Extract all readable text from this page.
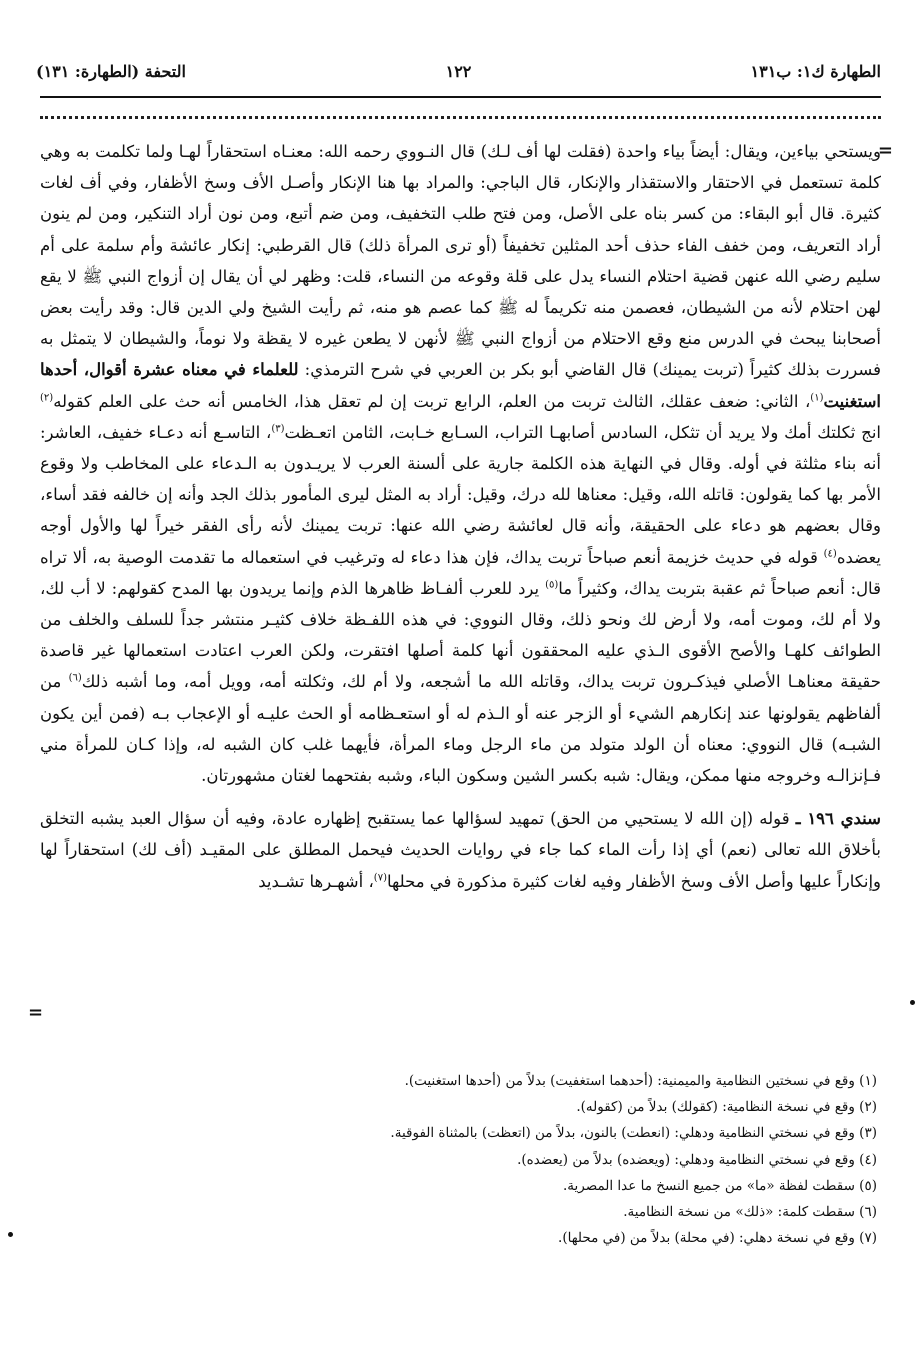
الطهارة ك١: ب١٣١
١٢٢
التحفة (الطهارة: ١٣١)
=
=

ويستحي بياءين، ويقال: أيضاً بياء واحدة (فقلت لها أف لـك) قال النـووي رحمه الله: معنـاه استحقاراً لهـا ولما تكلمت به وهي كلمة تستعمل في الاحتقار والاستقذار والإنكار، قال الباجي: والمراد بها هنا الإنكار وأصـل الأف وسخ الأظفار، وفي أف لغات كثيرة. قال أبو البقاء: من كسر بناه على الأصل، ومن فتح طلب التخفيف، ومن ضم أتبع، ومن نون أراد التنكير، ومن لم ينون أراد التعريف، ومن خفف الفاء حذف أحد المثلين تخفيفاً (أو ترى المرأة ذلك) قال القرطبي: إنكار عائشة وأم سلمة على أم سليم رضي الله عنهن قضية احتلام النساء يدل على قلة وقوعه من النساء، قلت: وظهر لي أن يقال إن أزواج النبي ﷺ لا يقع لهن احتلام لأنه من الشيطان، فعصمن منه تكريماً له ﷺ كما عصم هو منه، ثم رأيت الشيخ ولي الدين قال: وقد رأيت بعض أصحابنا يبحث في الدرس منع وقع الاحتلام من أزواج النبي ﷺ لأنهن لا يطعن غيره لا يقظة ولا نوماً، والشيطان لا يتمثل به فسررت بذلك كثيراً (تربت يمينك) قال القاضي أبو بكر بن العربي في شرح الترمذي: للعلماء في معناه عشرة أقوال، أحدها استغنيت$^{(١)}$، الثاني: ضعف عقلك، الثالث تربت من العلم، الرابع تربت إن لم تعقل هذا، الخامس أنه حث على العلم كقوله$^{(٢)}$ انج ثكلتك أمك ولا يريد أن تثكل، السادس أصابهـا التراب، السـابع خـابت، الثامن اتعـظت$^{(٣)}$، التاسـع أنه دعـاء خفيف، العاشر: أنه بناء مثلثة في أوله. وقال في النهاية هذه الكلمة جارية على ألسنة العرب لا يريـدون به الـدعاء على المخاطب ولا وقوع الأمر بها كما يقولون: قاتله الله، وقيل: معناها لله درك، وقيل: أراد به المثل ليرى المأمور بذلك الجد وأنه إن خالفه فقد أساء، وقال بعضهم هو دعاء على الحقيقة، وأنه قال لعائشة رضي الله عنها: تربت يمينك لأنه رأى الفقر خيراً لها والأول أوجه يعضده$^{(٤)}$ قوله في حديث خزيمة أنعم صباحاً تربت يداك، فإن هذا دعاء له وترغيب في استعماله ما تقدمت الوصية به، ألا تراه قال: أنعم صباحاً ثم عقبة بتربت يداك، وكثيراً ما$^{(٥)}$ يرد للعرب ألفـاظ ظاهرها الذم وإنما يريدون بها المدح كقولهم: لا أب لك، ولا أم لك، وموت أمه، ولا أرض لك ونحو ذلك، وقال النووي: في هذه اللفـظة خلاف كثيـر منتشر جداً للسلف والخلف من الطوائف كلهـا والأصح الأقوى الـذي عليه المحققون أنها كلمة أصلها افتقرت، ولكن العرب اعتادت استعمالها غير قاصدة حقيقة معناهـا الأصلي فيذكـرون تربت يداك، وقاتله الله ما أشجعه، ولا أم لك، وثكلته أمه، وويل أمه، وما أشبه ذلك$^{(٦)}$ من ألفاظهم يقولونها عند إنكارهم الشيء أو الزجر عنه أو الـذم له أو استعـظامه أو الحث عليـه أو الإعجاب بـه (فمن أين يكون الشبـه) قال النووي: معناه أن الولد متولد من ماء الرجل وماء المرأة، فأيهما غلب كان الشبه له، وإذا كـان للمرأة مني فـإنزالـه وخروجه منها ممكن، ويقال: شبه بكسر الشين وسكون الباء، وشبه بفتحهما لغتان مشهورتان.

سندي ١٩٦ ـ قوله (إن الله لا يستحيي من الحق) تمهيد لسؤالها عما يستقبح إظهاره عادة، وفيه أن سؤال العبد يشبه التخلق بأخلاق الله تعالى (نعم) أي إذا رأت الماء كما جاء في روايات الحديث فيحمل المطلق على المقيـد (أف لك) استحقاراً لها وإنكاراً عليها وأصل الأف وسخ الأظفار وفيه لغات كثيرة مذكورة في محلها$^{(٧)}$، أشهـرها تشـديد

(١) وقع في نسختين النظامية والميمنية: (أحدهما استغفيت) بدلاً من (أحدها استغنيت).
(٢) وقع في نسخة النظامية: (كقولك) بدلاً من (كقوله).
(٣) وقع في نسختي النظامية ودهلي: (انعطت) بالنون، بدلاً من (اتعظت) بالمثناة الفوقية.
(٤) وقع في نسختي النظامية ودهلي: (ويعضده) بدلاً من (يعضده).
(٥) سقطت لفظة «ما» من جميع النسخ ما عدا المصرية.
(٦) سقطت كلمة: «ذلك» من نسخة النظامية.
(٧) وقع في نسخة دهلي: (في محلة) بدلاً من (في محلها).
